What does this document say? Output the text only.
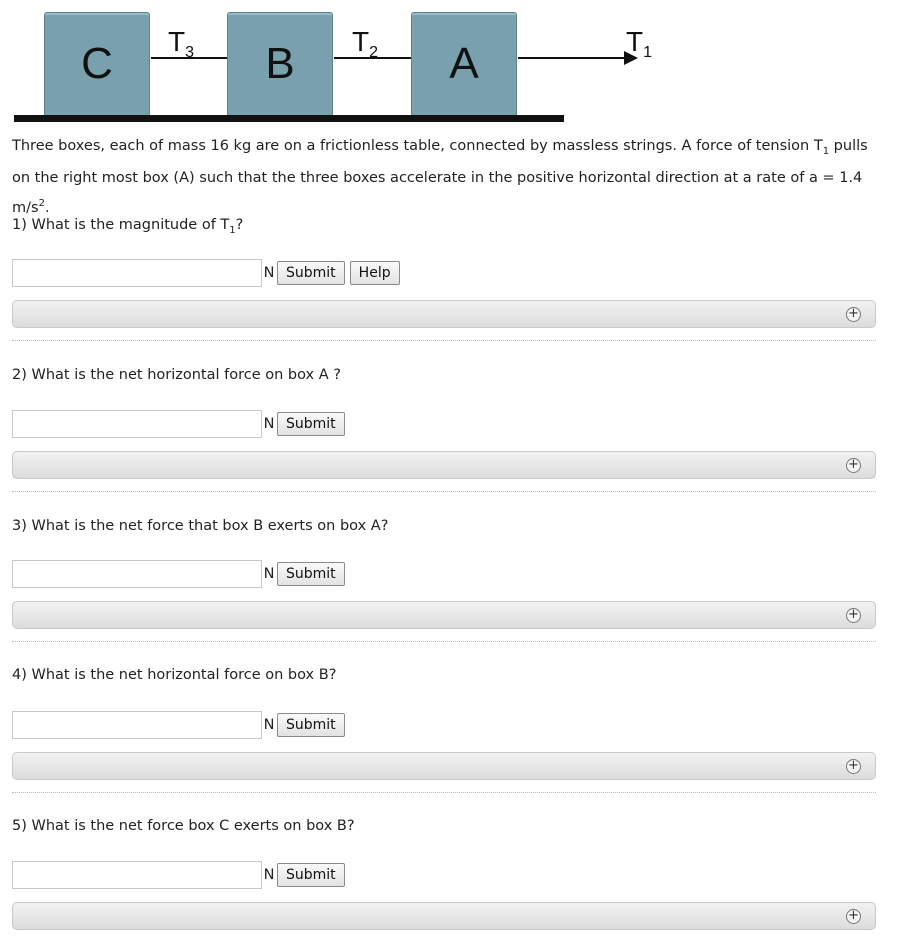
C	B	A
$T_3$	$T_2$	$T_1$
Three boxes, each of mass 16 kg are on a frictionless table, connected by massless strings. A force of tension $T_1$ pulls on the right most box (A) such that the three boxes accelerate in the positive horizontal direction at a rate of a = 1.4 $m/s^2$.
1) What is the magnitude of $T_1$?
N Submit	Help
+
2) What is the net horizontal force on box A ?
N Submit
+
3) What is the net force that box B exerts on box A?
N Submit
+
4) What is the net horizontal force on box B?
N Submit
+
5) What is the net force box C exerts on box B?
N Submit
+
